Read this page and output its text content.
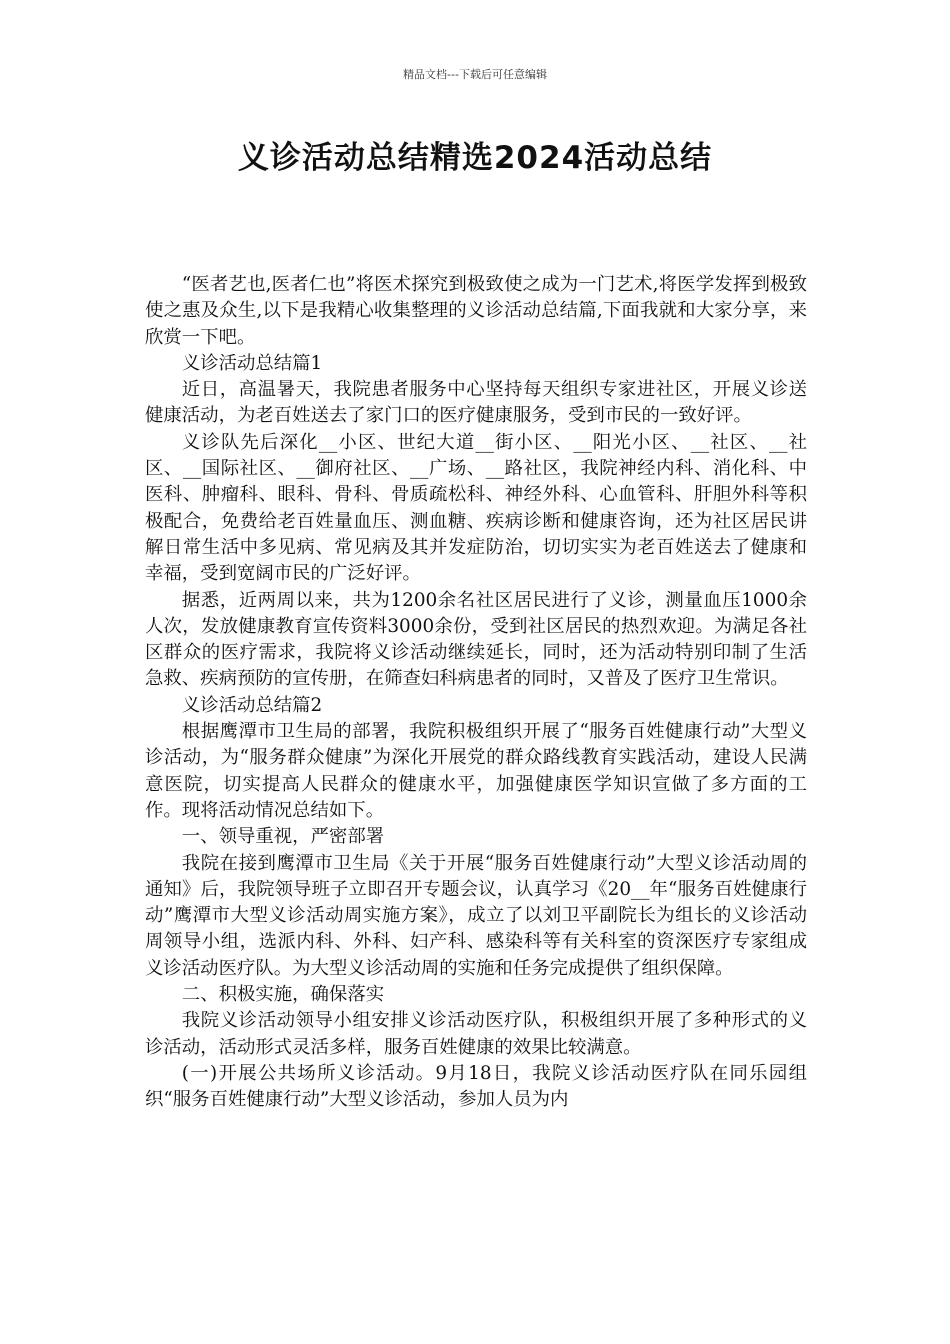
精品文档---下载后可任意编辑
义诊活动总结精选2024活动总结

“医者艺也,医者仁也”将医术探究到极致使之成为一门艺术,将医学发挥到极致使之惠及众生,以下是我精心收集整理的义诊活动总结篇,下面我就和大家分享，来欣赏一下吧。

义诊活动总结篇1

近日，高温暑天，我院患者服务中心坚持每天组织专家进社区，开展义诊送健康活动，为老百姓送去了家门口的医疗健康服务，受到市民的一致好评。

义诊队先后深化__小区、世纪大道__街小区、__阳光小区、__社区、__社区、__国际社区、__御府社区、__广场、__路社区，我院神经内科、消化科、中医科、肿瘤科、眼科、骨科、骨质疏松科、神经外科、心血管科、肝胆外科等积极配合，免费给老百姓量血压、测血糖、疾病诊断和健康咨询，还为社区居民讲解日常生活中多见病、常见病及其并发症防治，切切实实为老百姓送去了健康和幸福，受到宽阔市民的广泛好评。

据悉，近两周以来，共为1200余名社区居民进行了义诊，测量血压1000余人次，发放健康教育宣传资料3000余份，受到社区居民的热烈欢迎。为满足各社区群众的医疗需求，我院将义诊活动继续延长，同时，还为活动特别印制了生活急救、疾病预防的宣传册，在筛查妇科病患者的同时，又普及了医疗卫生常识。

义诊活动总结篇2

根据鹰潭市卫生局的部署，我院积极组织开展了“服务百姓健康行动”大型义诊活动，为“服务群众健康”为深化开展党的群众路线教育实践活动，建设人民满意医院，切实提高人民群众的健康水平，加强健康医学知识宣做了多方面的工作。现将活动情况总结如下。

一、领导重视，严密部署

我院在接到鹰潭市卫生局《关于开展“服务百姓健康行动”大型义诊活动周的通知》后，我院领导班子立即召开专题会议，认真学习《20__年“服务百姓健康行动”鹰潭市大型义诊活动周实施方案》，成立了以刘卫平副院长为组长的义诊活动周领导小组，选派内科、外科、妇产科、感染科等有关科室的资深医疗专家组成义诊活动医疗队。为大型义诊活动周的实施和任务完成提供了组织保障。

二、积极实施，确保落实

我院义诊活动领导小组安排义诊活动医疗队，积极组织开展了多种形式的义诊活动，活动形式灵活多样，服务百姓健康的效果比较满意。

(一)开展公共场所义诊活动。9月18日，我院义诊活动医疗队在同乐园组织“服务百姓健康行动”大型义诊活动，参加人员为内
